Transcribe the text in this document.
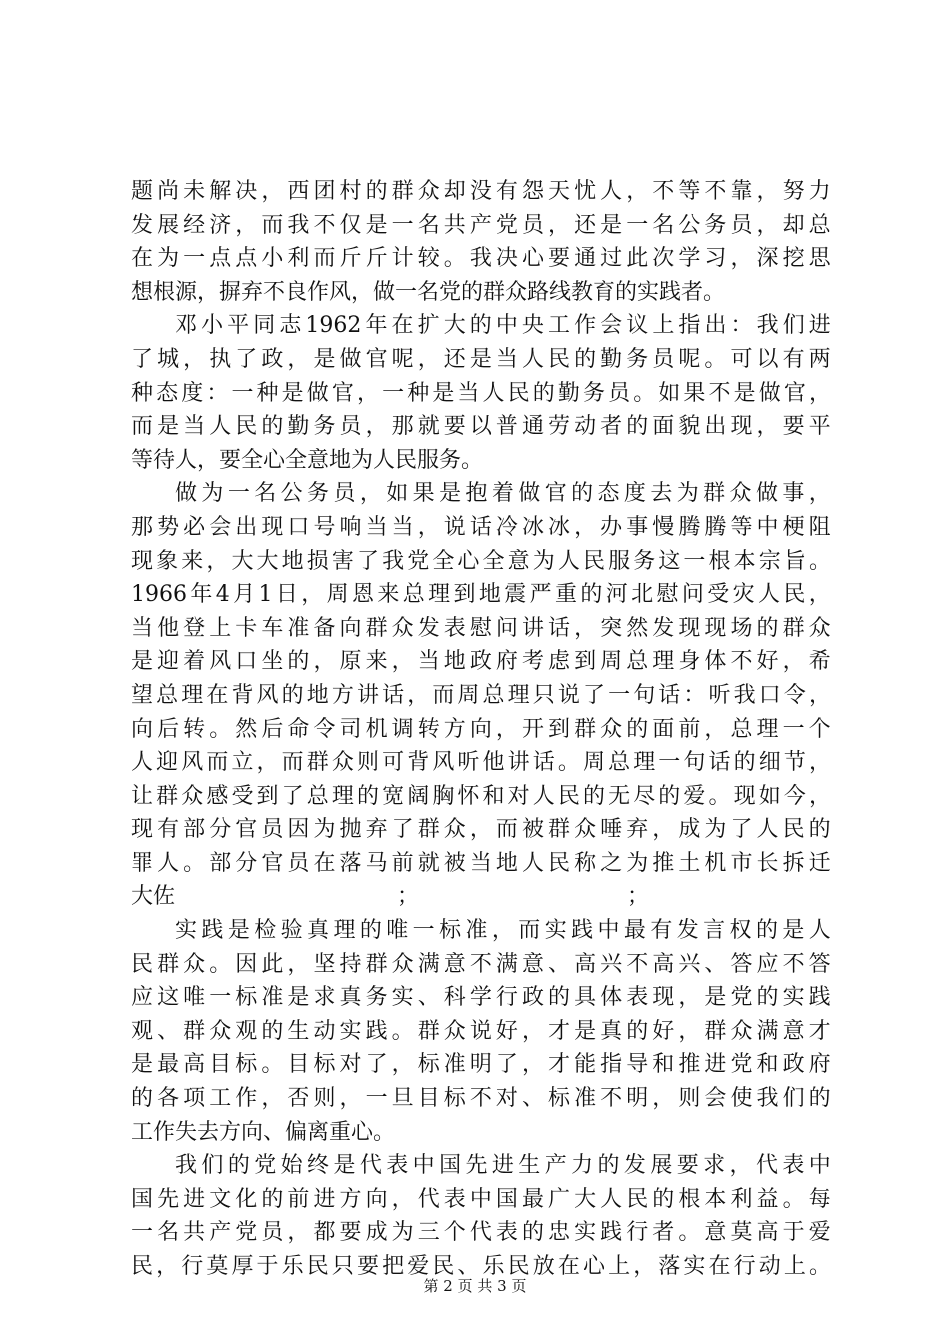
题 尚 未 解 决 ， 西 团 村 的 群 众 却 没 有 怨 天 忧 人 ， 不 等 不 靠 ， 努 力
发 展 经 济 ， 而 我 不 仅 是 一 名 共 产 党 员 ， 还 是 一 名 公 务 员 ， 却 总
在 为 一 点 点 小 利 而 斤 斤 计 较 。 我 决 心 要 通 过 此 次 学 习 ， 深 挖 思
想根源，摒弃不良作风，做一名党的群众路线教育的实践者。
邓 小 平 同 志 1962 年 在 扩 大 的 中 央 工 作 会 议 上 指 出 ： 我 们 进
了 城 ， 执 了 政 ， 是 做 官 呢 ， 还 是 当 人 民 的 勤 务 员 呢 。 可 以 有 两
种 态 度 ： 一 种 是 做 官 ， 一 种 是 当 人 民 的 勤 务 员 。 如 果 不 是 做 官 ，
而 是 当 人 民 的 勤 务 员 ， 那 就 要 以 普 通 劳 动 者 的 面 貌 出 现 ， 要 平
等待人，要全心全意地为人民服务。
做 为 一 名 公 务 员 ， 如 果 是 抱 着 做 官 的 态 度 去 为 群 众 做 事 ，
那 势 必 会 出 现 口 号 响 当 当 ， 说 话 冷 冰 冰 ， 办 事 慢 腾 腾 等 中 梗 阻
现 象 来 ， 大 大 地 损 害 了 我 党 全 心 全 意 为 人 民 服 务 这 一 根 本 宗 旨 。
1966 年 4 月 1 日 ， 周 恩 来 总 理 到 地 震 严 重 的 河 北 慰 问 受 灾 人 民 ，
当 他 登 上 卡 车 准 备 向 群 众 发 表 慰 问 讲 话 ， 突 然 发 现 现 场 的 群 众
是 迎 着 风 口 坐 的 ， 原 来 ， 当 地 政 府 考 虑 到 周 总 理 身 体 不 好 ， 希
望 总 理 在 背 风 的 地 方 讲 话 ， 而 周 总 理 只 说 了 一 句 话 ： 听 我 口 令 ，
向 后 转 。 然 后 命 令 司 机 调 转 方 向 ， 开 到 群 众 的 面 前 ， 总 理 一 个
人 迎 风 而 立 ， 而 群 众 则 可 背 风 听 他 讲 话 。 周 总 理 一 句 话 的 细 节 ，
让 群 众 感 受 到 了 总 理 的 宽 阔 胸 怀 和 对 人 民 的 无 尽 的 爱 。 现 如 今 ，
现 有 部 分 官 员 因 为 抛 弃 了 群 众 ， 而 被 群 众 唾 弃 ， 成 为 了 人 民 的
罪 人 。 部 分 官 员 在 落 马 前 就 被 当 地 人 民 称 之 为 推 土 机 市 长 拆 迁
大佐	；	；
实 践 是 检 验 真 理 的 唯 一 标 准 ， 而 实 践 中 最 有 发 言 权 的 是 人
民 群 众 。 因 此 ， 坚 持 群 众 满 意 不 满 意 、 高 兴 不 高 兴 、 答 应 不 答
应 这 唯 一 标 准 是 求 真 务 实 、 科 学 行 政 的 具 体 表 现 ， 是 党 的 实 践
观 、 群 众 观 的 生 动 实 践 。 群 众 说 好 ， 才 是 真 的 好 ， 群 众 满 意 才
是 最 高 目 标 。 目 标 对 了 ， 标 准 明 了 ， 才 能 指 导 和 推 进 党 和 政 府
的 各 项 工 作 ， 否 则 ， 一 旦 目 标 不 对 、 标 准 不 明 ， 则 会 使 我 们 的
工作失去方向、偏离重心。
我 们 的 党 始 终 是 代 表 中 国 先 进 生 产 力 的 发 展 要 求 ， 代 表 中
国 先 进 文 化 的 前 进 方 向 ， 代 表 中 国 最 广 大 人 民 的 根 本 利 益 。 每
一 名 共 产 党 员 ， 都 要 成 为 三 个 代 表 的 忠 实 践 行 者 。 意 莫 高 于 爱
民 ， 行 莫 厚 于 乐 民 只 要 把 爱 民 、 乐 民 放 在 心 上 ， 落 实 在 行 动 上 。
第 2 页 共 3 页
